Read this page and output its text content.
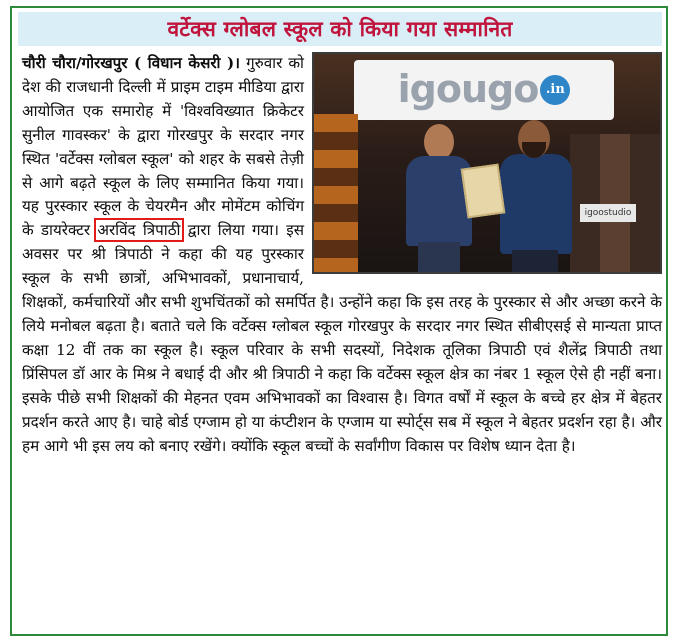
वर्टेक्स ग्लोबल स्कूल को किया गया सम्मानित
igougo .in
igoostudio

चौरी चौरा/गोरखपुर ( विधान केसरी )। गुरुवार को देश की राजधानी दिल्ली में प्राइम टाइम मीडिया द्वारा आयोजित एक समारोह में 'विश्वविख्यात क्रिकेटर सुनील गावस्कर' के द्वारा गोरखपुर के सरदार नगर स्थित 'वर्टेक्स ग्लोबल स्कूल' को शहर के सबसे तेज़ी से आगे बढ़ते स्कूल के लिए सम्मानित किया गया। यह पुरस्कार स्कूल के चेयरमैन और मोमेंटम कोचिंग के डायरेक्टर अरविंद त्रिपाठी द्वारा लिया गया। इस अवसर पर श्री त्रिपाठी ने कहा की यह पुरस्कार स्कूल के सभी छात्रों, अभिभावकों, प्रधानाचार्य, शिक्षकों, कर्मचारियों और सभी शुभचिंतकों को समर्पित है। उन्होंने कहा कि इस तरह के पुरस्कार से और अच्छा करने के लिये मनोबल बढ़ता है। बताते चले कि वर्टेक्स ग्लोबल स्कूल गोरखपुर के सरदार नगर स्थित सीबीएसई से मान्यता प्राप्त कक्षा 12 वीं तक का स्कूल है। स्कूल परिवार के सभी सदस्यों, निदेशक तूलिका त्रिपाठी एवं शैलेंद्र त्रिपाठी तथा प्रिंसिपल डॉ आर के मिश्र ने बधाई दी और श्री त्रिपाठी ने कहा कि वर्टेक्स स्कूल क्षेत्र का नंबर 1 स्कूल ऐसे ही नहीं बना। इसके पीछे सभी शिक्षकों की मेहनत एवम अभिभावकों का विश्वास है। विगत वर्षों में स्कूल के बच्चे हर क्षेत्र में बेहतर प्रदर्शन करते आए है। चाहे बोर्ड एग्जाम हो या कंप्टीशन के एग्जाम या स्पोर्ट्स सब में स्कूल ने बेहतर प्रदर्शन रहा है। और हम आगे भी इस लय को बनाए रखेंगे। क्योंकि स्कूल बच्चों के सर्वांगीण विकास पर विशेष ध्यान देता है।
